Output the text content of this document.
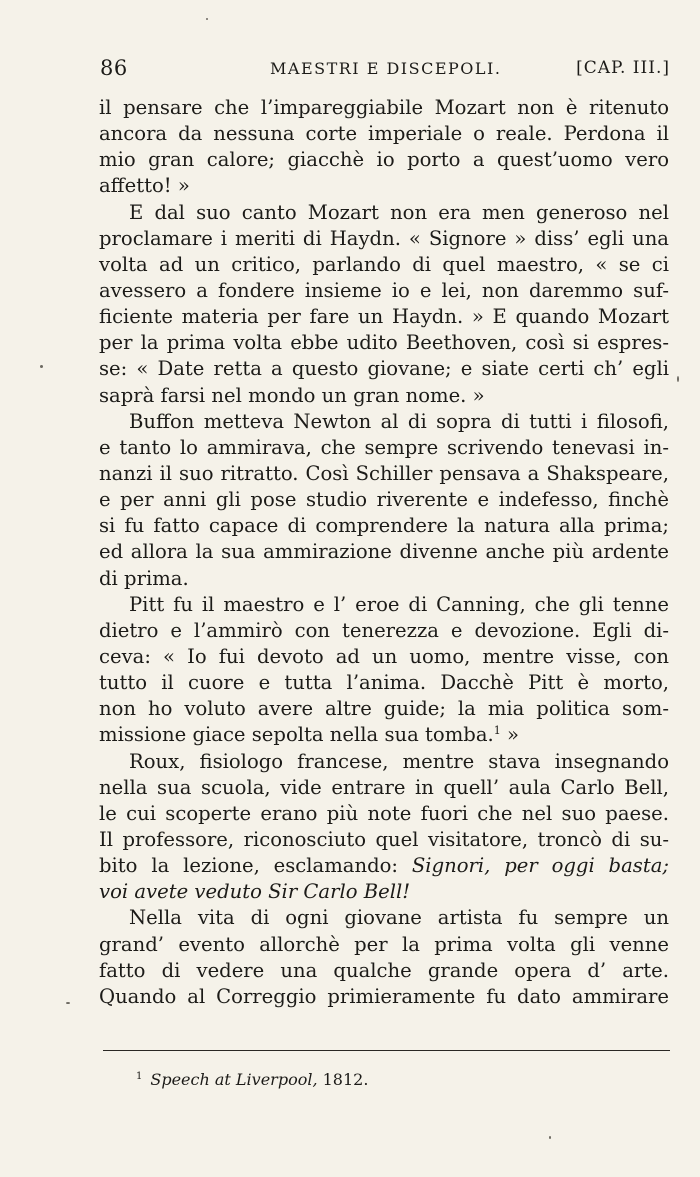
86	MAESTRI E DISCEPOLI.	[CAP. III.]

il pensare che l’impareggiabile Mozart non è ritenuto
ancora da nessuna corte imperiale o reale. Perdona il
mio gran calore; giacchè io porto a quest’uomo vero
affetto! »

E dal suo canto Mozart non era men generoso nel
proclamare i meriti di Haydn. « Signore » diss’ egli una
volta ad un critico, parlando di quel maestro, « se ci
avessero a fondere insieme io e lei, non daremmo suf-
ficiente materia per fare un Haydn. » E quando Mozart
per la prima volta ebbe udito Beethoven, così si espres-
se: « Date retta a questo giovane; e siate certi ch’ egli
saprà farsi nel mondo un gran nome. »

Buffon metteva Newton al di sopra di tutti i filosofi,
e tanto lo ammirava, che sempre scrivendo tenevasi in-
nanzi il suo ritratto. Così Schiller pensava a Shakspeare,
e per anni gli pose studio riverente e indefesso, finchè
si fu fatto capace di comprendere la natura alla prima;
ed allora la sua ammirazione divenne anche più ardente
di prima.

Pitt fu il maestro e l’ eroe di Canning, che gli tenne
dietro e l’ammirò con tenerezza e devozione. Egli di-
ceva: « Io fui devoto ad un uomo, mentre visse, con
tutto il cuore e tutta l’anima. Dacchè Pitt è morto,
non ho voluto avere altre guide; la mia politica som-
missione giace sepolta nella sua tomba.$^1$ »

Roux, fisiologo francese, mentre stava insegnando
nella sua scuola, vide entrare in quell’ aula Carlo Bell,
le cui scoperte erano più note fuori che nel suo paese.
Il professore, riconosciuto quel visitatore, troncò di su-
bito la lezione, esclamando: Signori, per oggi basta;
voi avete veduto Sir Carlo Bell!

Nella vita di ogni giovane artista fu sempre un
grand’ evento allorchè per la prima volta gli venne
fatto di vedere una qualche grande opera d’ arte.
Quando al Correggio primieramente fu dato ammirare

$^1$ Speech at Liverpool, 1812.
